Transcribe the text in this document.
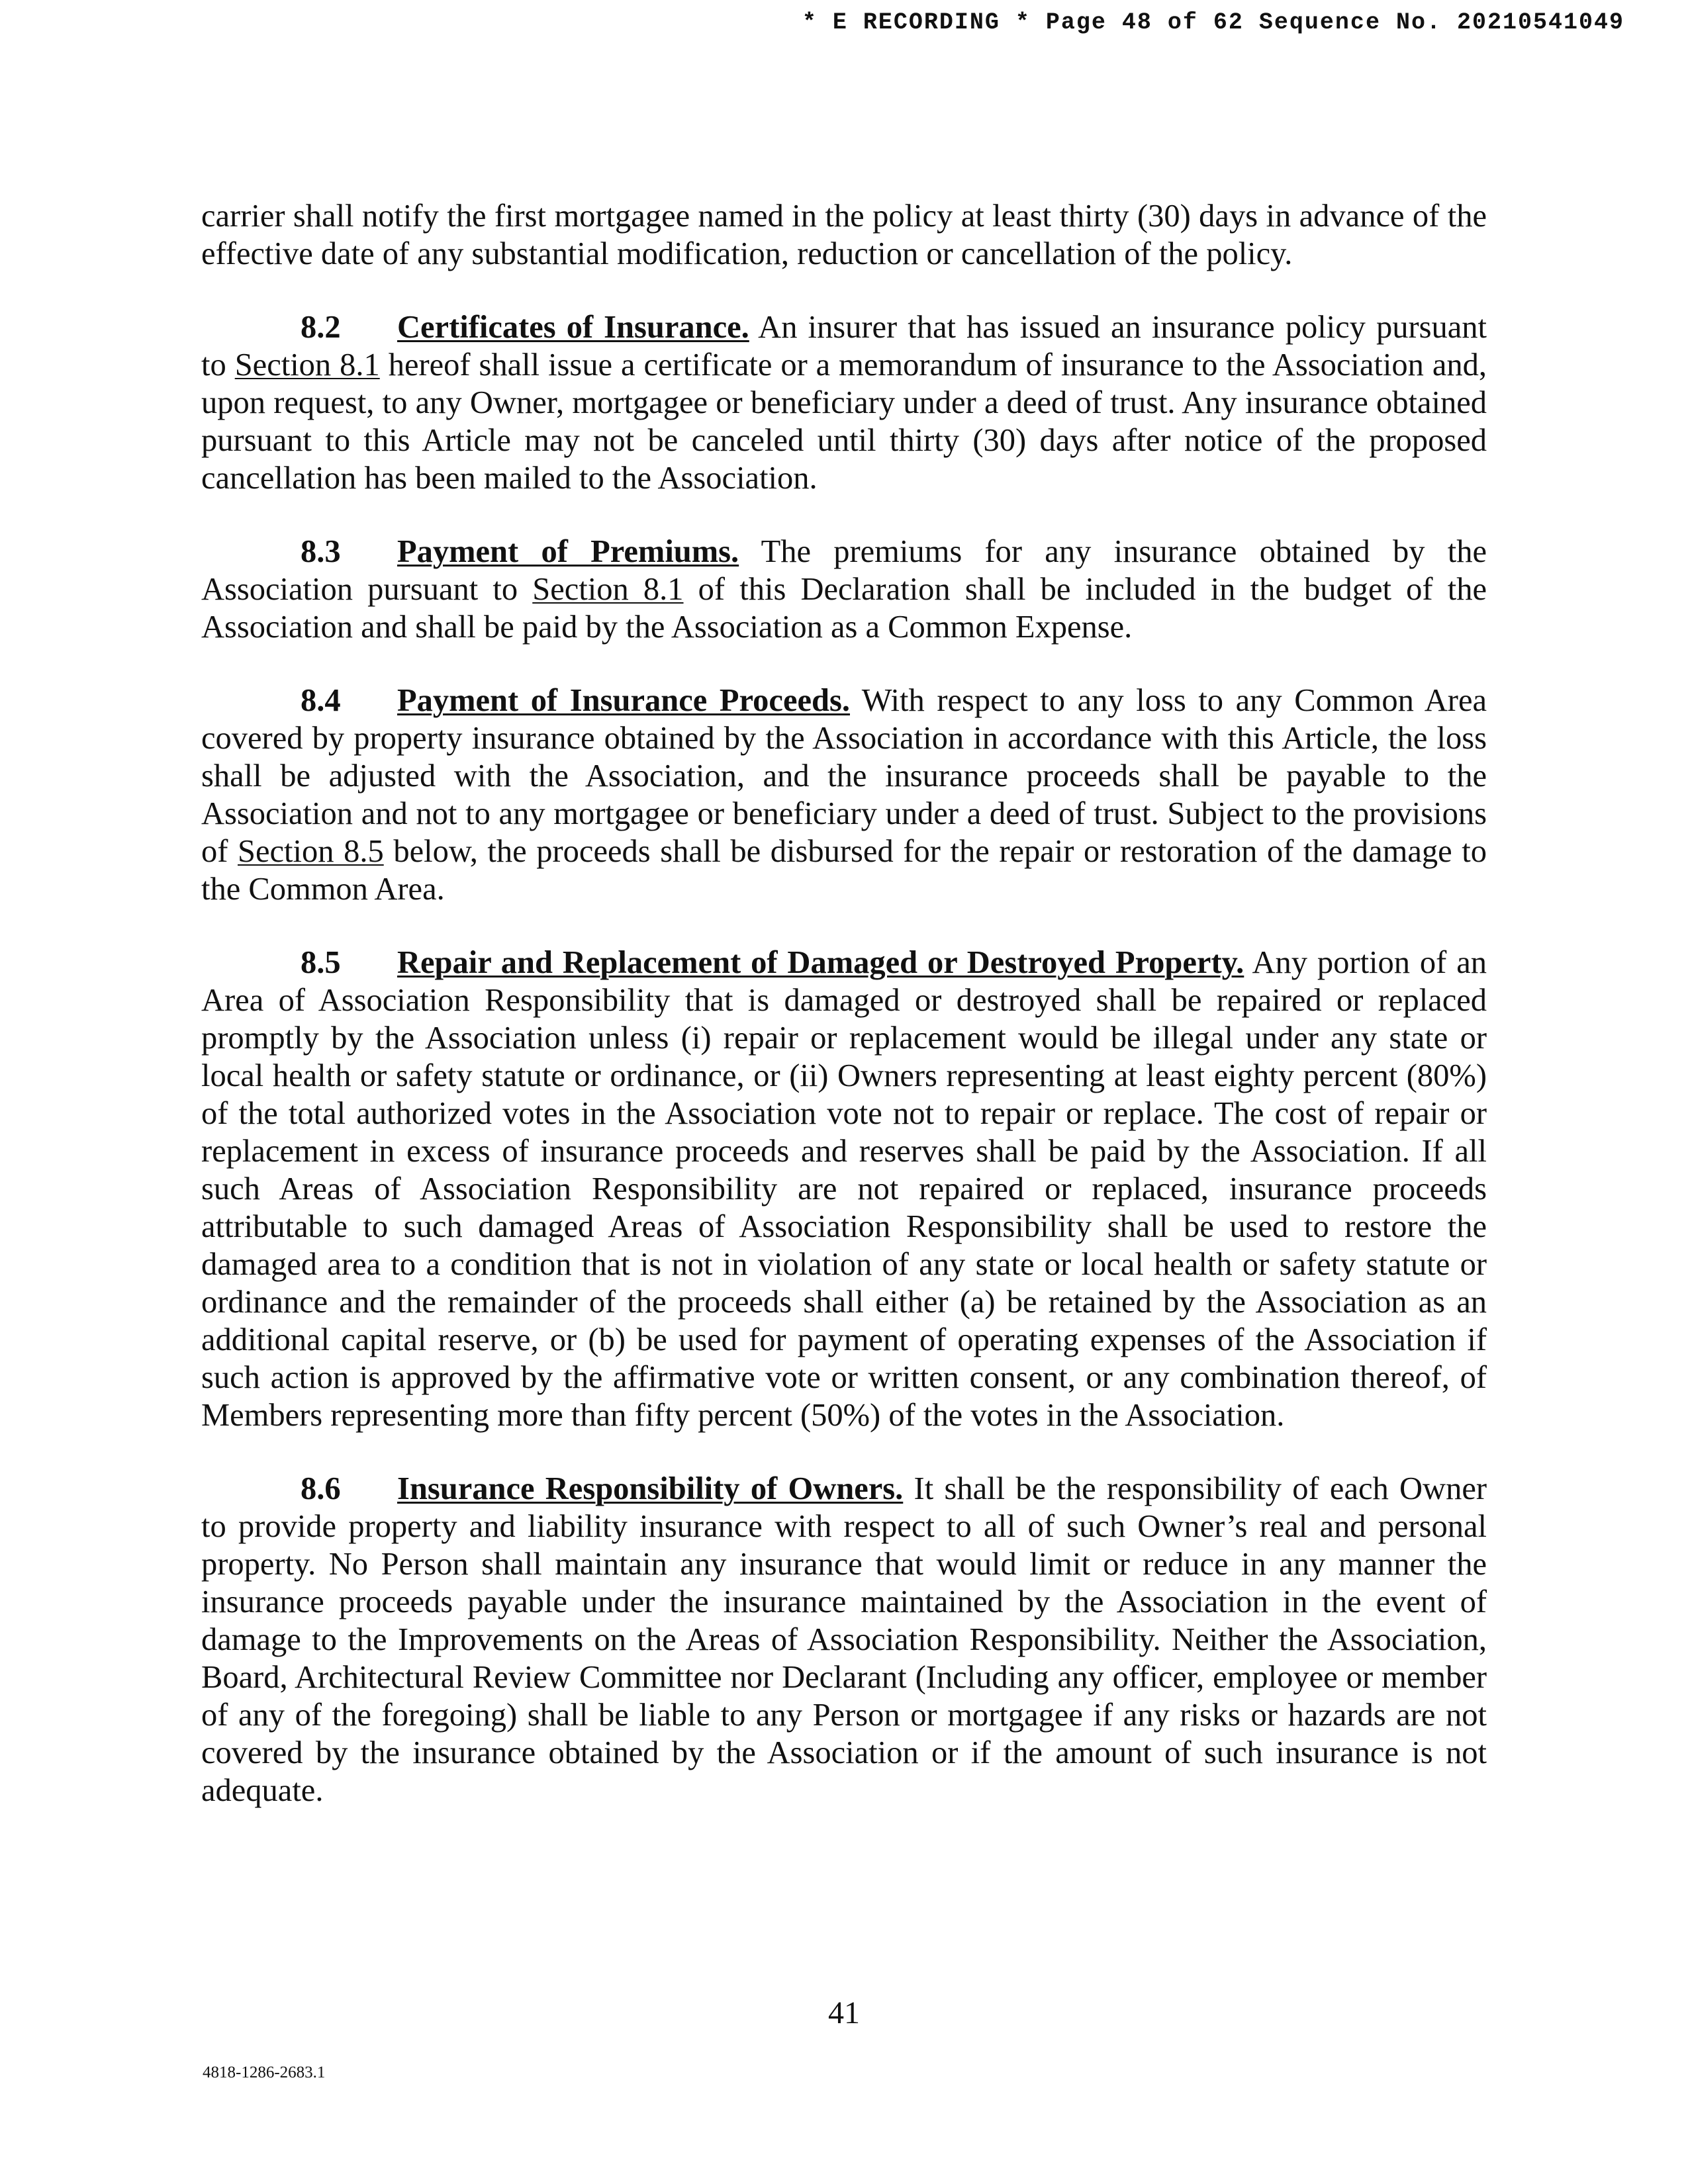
* E RECORDING * Page 48 of 62 Sequence No. 20210541049

carrier shall notify the first mortgagee named in the policy at least thirty (30) days in advance of the effective date of any substantial modification, reduction or cancellation of the policy.

8.2 Certificates of Insurance. An insurer that has issued an insurance policy pursuant to Section 8.1 hereof shall issue a certificate or a memorandum of insurance to the Association and, upon request, to any Owner, mortgagee or beneficiary under a deed of trust. Any insurance obtained pursuant to this Article may not be canceled until thirty (30) days after notice of the proposed cancellation has been mailed to the Association.

8.3 Payment of Premiums. The premiums for any insurance obtained by the Association pursuant to Section 8.1 of this Declaration shall be included in the budget of the Association and shall be paid by the Association as a Common Expense.

8.4 Payment of Insurance Proceeds. With respect to any loss to any Common Area covered by property insurance obtained by the Association in accordance with this Article, the loss shall be adjusted with the Association, and the insurance proceeds shall be payable to the Association and not to any mortgagee or beneficiary under a deed of trust. Subject to the provisions of Section 8.5 below, the proceeds shall be disbursed for the repair or restoration of the damage to the Common Area.

8.5 Repair and Replacement of Damaged or Destroyed Property. Any portion of an Area of Association Responsibility that is damaged or destroyed shall be repaired or replaced promptly by the Association unless (i) repair or replacement would be illegal under any state or local health or safety statute or ordinance, or (ii) Owners representing at least eighty percent (80%) of the total authorized votes in the Association vote not to repair or replace. The cost of repair or replacement in excess of insurance proceeds and reserves shall be paid by the Association. If all such Areas of Association Responsibility are not repaired or replaced, insurance proceeds attributable to such damaged Areas of Association Responsibility shall be used to restore the damaged area to a condition that is not in violation of any state or local health or safety statute or ordinance and the remainder of the proceeds shall either (a) be retained by the Association as an additional capital reserve, or (b) be used for payment of operating expenses of the Association if such action is approved by the affirmative vote or written consent, or any combination thereof, of Members representing more than fifty percent (50%) of the votes in the Association.

8.6 Insurance Responsibility of Owners. It shall be the responsibility of each Owner to provide property and liability insurance with respect to all of such Owner’s real and personal property. No Person shall maintain any insurance that would limit or reduce in any manner the insurance proceeds payable under the insurance maintained by the Association in the event of damage to the Improvements on the Areas of Association Responsibility. Neither the Association, Board, Architectural Review Committee nor Declarant (Including any officer, employee or member of any of the foregoing) shall be liable to any Person or mortgagee if any risks or hazards are not covered by the insurance obtained by the Association or if the amount of such insurance is not adequate.

41
4818-1286-2683.1
